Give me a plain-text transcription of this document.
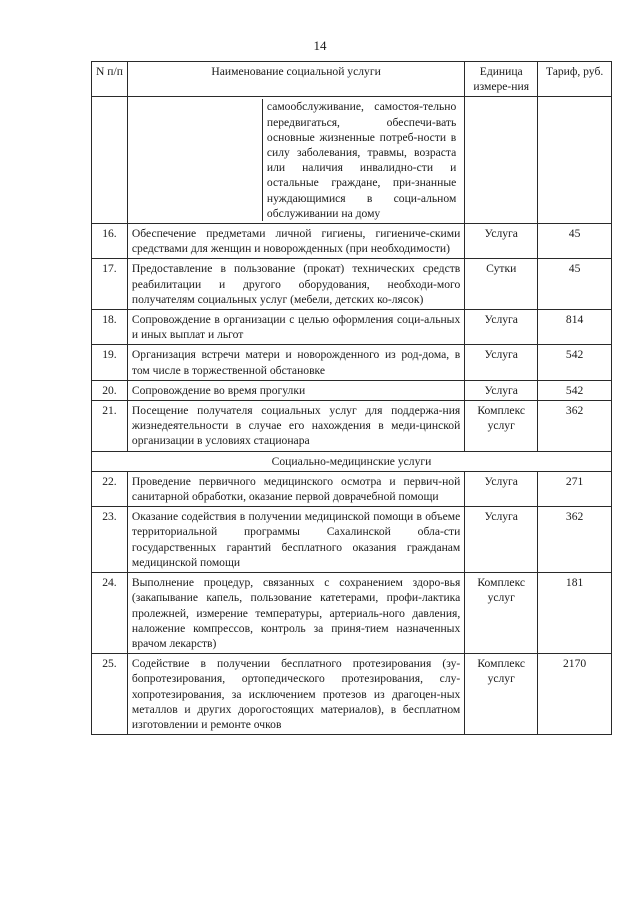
14
N п/п	Наименование социальной услуги	Единица измере-ния	Тариф, руб.

	самообслуживание, самостоя-тельно передвигаться, обеспечи-вать основные жизненные потреб-ности в силу заболевания, травмы, возраста или наличия инвалидно-сти и остальные граждане, при-знанные нуждающимися в соци-альном обслуживании на дому		

16.	Обеспечение предметами личной гигиены, гигиениче-скими средствами для женщин и новорожденных (при необходимости)	Услуга	45
17.	Предоставление в пользование (прокат) технических средств реабилитации и другого оборудования, необходи-мого получателям социальных услуг (мебели, детских ко-лясок)	Сутки	45
18.	Сопровождение в организации с целью оформления соци-альных и иных выплат и льгот	Услуга	814
19.	Организация встречи матери и новорожденного из род-дома, в том числе в торжественной обстановке	Услуга	542
20.	Сопровождение во время прогулки	Услуга	542
21.	Посещение получателя социальных услуг для поддержа-ния жизнедеятельности в случае его нахождения в меди-цинской организации в условиях стационара	Комплекс услуг	362
Социально-медицинские услуги			
22.	Проведение первичного медицинского осмотра и первич-ной санитарной обработки, оказание первой доврачебной помощи	Услуга	271
23.	Оказание содействия в получении медицинской помощи в объеме территориальной программы Сахалинской обла-сти государственных гарантий бесплатного оказания гражданам медицинской помощи	Услуга	362
24.	Выполнение процедур, связанных с сохранением здоро-вья (закапывание капель, пользование катетерами, профи-лактика пролежней, измерение температуры, артериаль-ного давления, наложение компрессов, контроль за приня-тием назначенных врачом лекарств)	Комплекс услуг	181
25.	Содействие в получении бесплатного протезирования (зу-бопротезирования, ортопедического протезирования, слу-хопротезирования, за исключением протезов из драгоцен-ных металлов и других дорогостоящих материалов), в бесплатном изготовлении и ремонте очков	Комплекс услуг	2170
